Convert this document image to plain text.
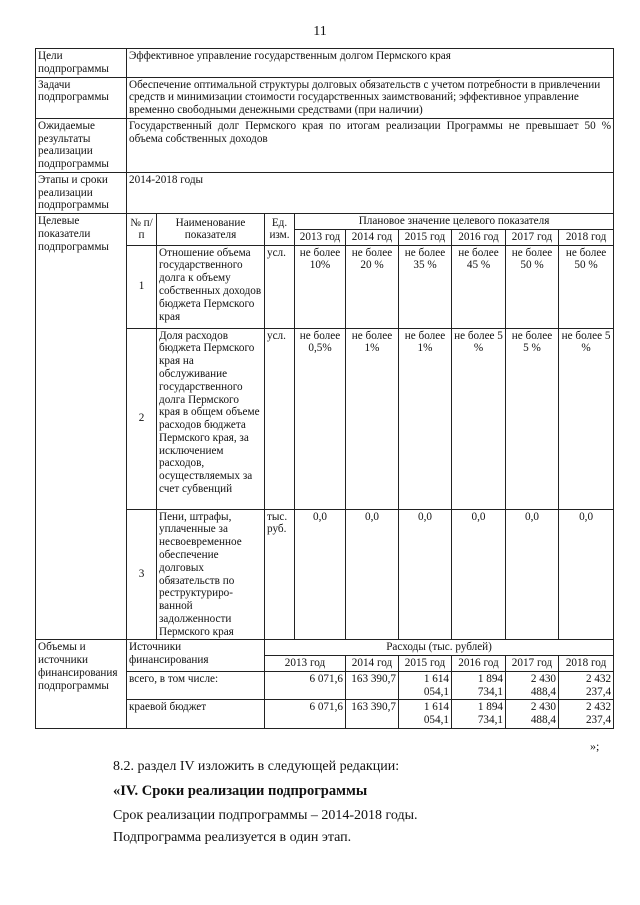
11
Цели подпрограммы	Эффективное управление государственным долгом Пермского края								
Задачи подпрограммы	Обеспечение оптимальной структуры долговых обязательств с учетом потребности в привлечении средств и минимизации стоимости государственных заимствований; эффективное управление временно свободными денежными средствами (при наличии)								
Ожидаемые результаты реализации подпрограммы	Государственный долг Пермского края по итогам реализации Программы не превышает 50 % объема собственных доходов								
Этапы и сроки реализации подпрограммы	2014-2018 годы								
Целевые показатели подпрограммы	№ п/п	Наименование показателя	Ед. изм.	Плановое значение целевого показателя					
				2013 год	2014 год	2015 год	2016 год	2017 год	2018 год
	1	Отношение объема государственного долга к объему собственных доходов бюджета Пермского края	усл.	не более 10%	не более 20 %	не более 35 %	не более 45 %	не более 50 %	не более 50 %
	2	Доля расходов бюджета Пермского края на обслуживание государственного долга Пермского края в общем объеме расходов бюджета Пермского края, за исключением расходов, осуществляемых за счет субвенций	усл.	не более 0,5%	не более 1%	не более 1%	не более 5 %	не более 5 %	не более 5 %
	3	Пени, штрафы, уплаченные за несвоевременное обеспечение долговых обязательств по реструктуриро-ванной задолженности Пермского края	тыс. руб.	0,0	0,0	0,0	0,0	0,0	0,0
Объемы и источники финансирования подпрограммы	Источники финансирования		Расходы (тыс. рублей)						
			2013 год		2014 год	2015 год	2016 год	2017 год	2018 год
	всего, в том числе:		6 071,6		163 390,7	1 614 054,1	1 894 734,1	2 430 488,4	2 432 237,4
	краевой бюджет		6 071,6		163 390,7	1 614 054,1	1 894 734,1	2 430 488,4	2 432 237,4
»;
8.2. раздел IV изложить в следующей редакции:
«IV. Сроки реализации подпрограммы
Срок реализации подпрограммы – 2014-2018 годы.
Подпрограмма реализуется в один этап.
